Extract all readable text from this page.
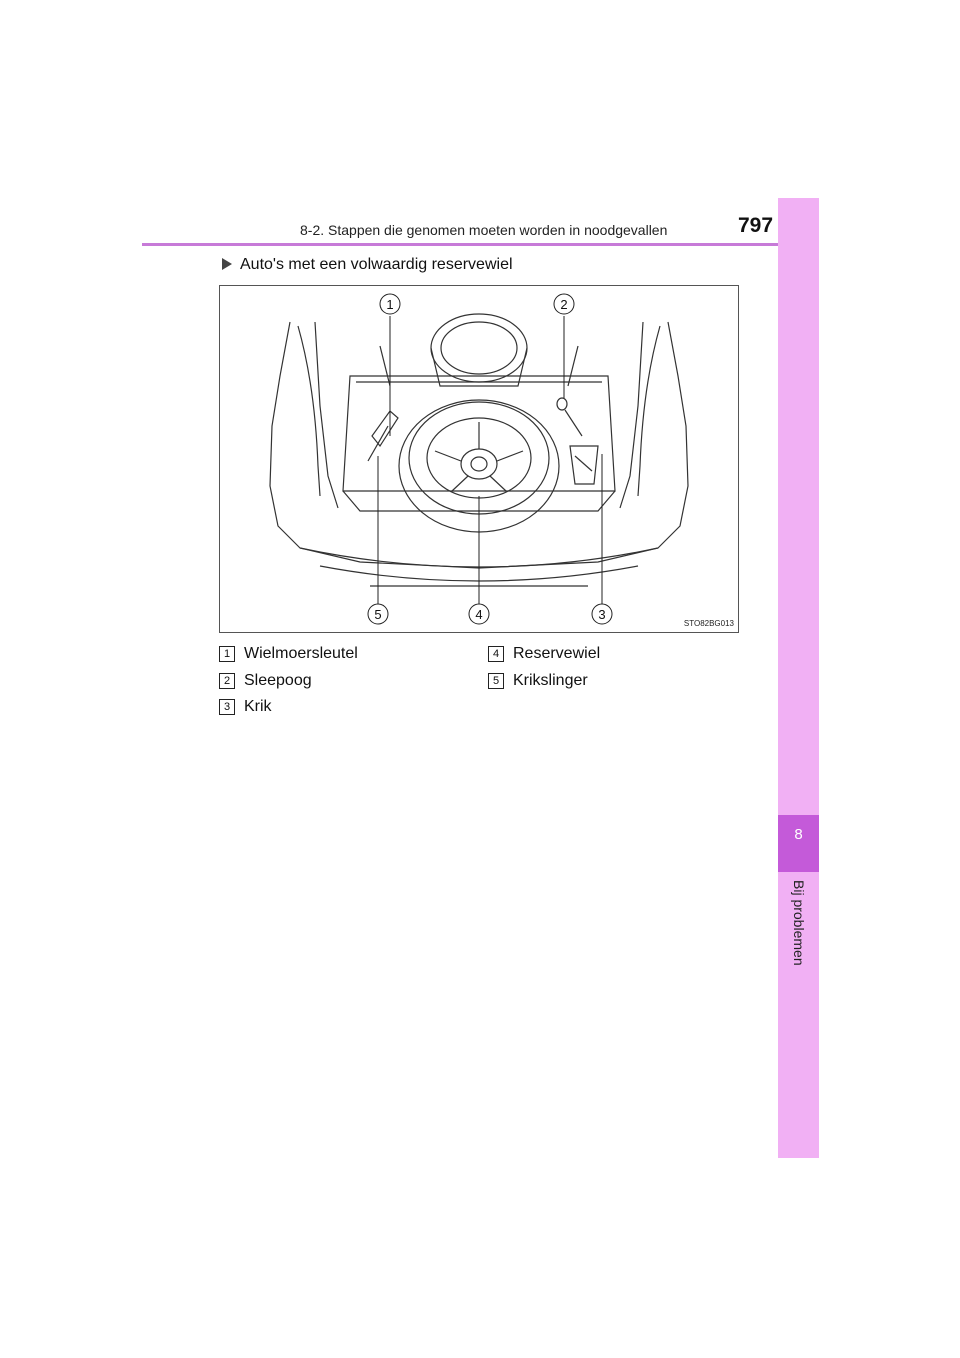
8-2. Stappen die genomen moeten worden in noodgevallen	797
8
Bij problemen
Auto's met een volwaardig reservewiel
1	2
5	4	3
STO82BG013
1 Wielmoersleutel
2 Sleepoog
3 Krik
4 Reservewiel
5 Krikslinger
